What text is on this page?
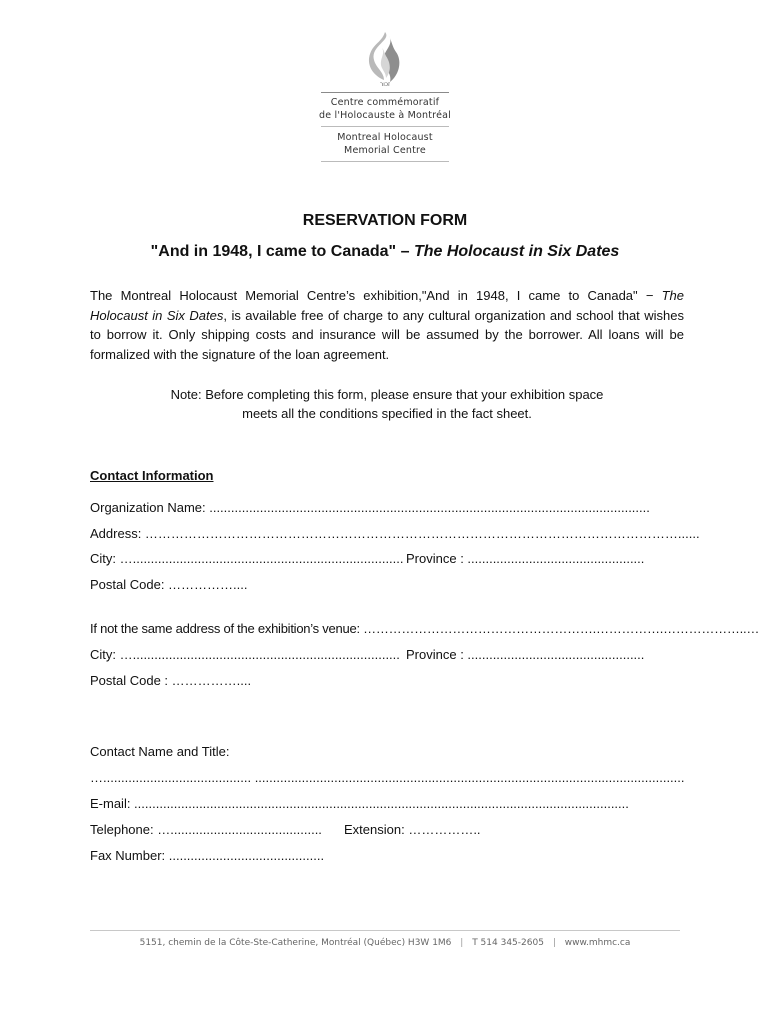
זכור
Centre commémoratif
de l'Holocauste à Montréal
Montreal Holocaust
Memorial Centre
RESERVATION FORM
"And in 1948, I came to Canada" – The Holocaust in Six Dates
The Montreal Holocaust Memorial Centre’s exhibition,"And in 1948, I came to Canada" − The Holocaust in Six Dates, is available free of charge to any cultural organization and school that wishes to borrow it. Only shipping costs and insurance will be assumed by the borrower. All loans will be formalized with the signature of the loan agreement.
Note: Before completing this form, please ensure that your exhibition space
meets all the conditions specified in the fact sheet.
Contact Information
Organization Name: ..........................................................................................................................
Address: ……………………………………………………………………………………………………………......
City: …........................................................................... Province : .................................................
Postal Code: ……………....
If not the same address of the exhibition’s venue: ……………………………………………….…………….………………..…
City: ….......................................................................... Province : .................................................
Postal Code : ……………....
Contact Name and Title:
…......................................... .......................................................................................................................
E-mail: .........................................................................................................................................
Telephone: ….......................................... Extension: ……………..
Fax Number: ...........................................
5151, chemin de la Côte-Ste-Catherine, Montréal (Québec) H3W 1M6 | T 514 345-2605 | www.mhmc.ca
